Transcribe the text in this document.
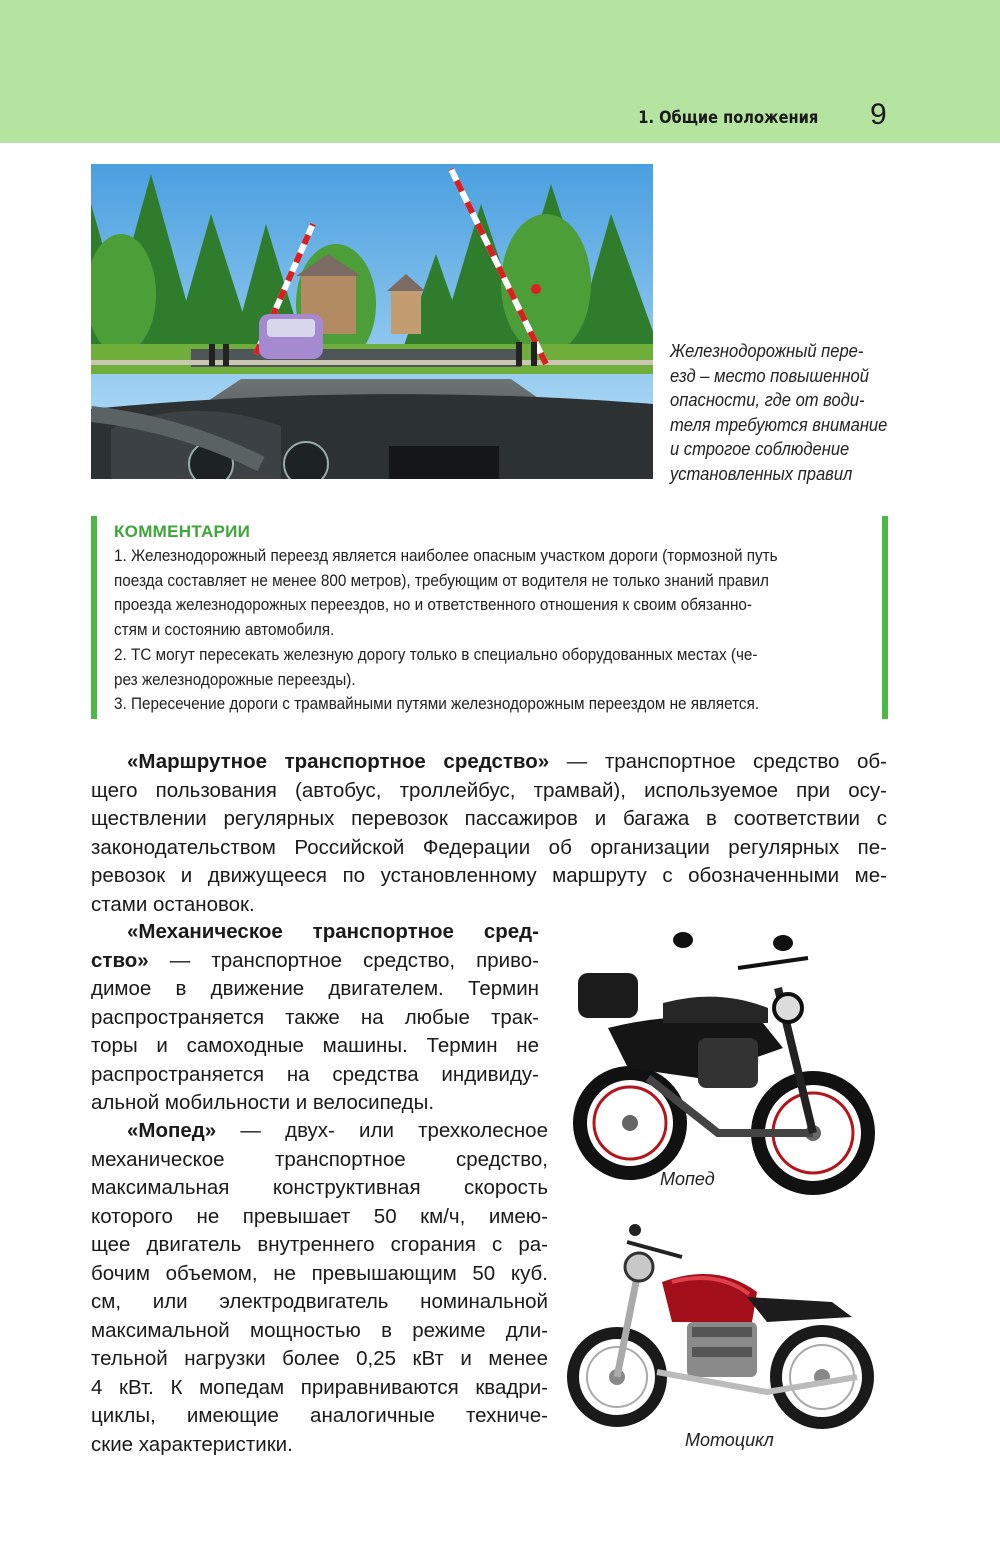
1. Общие положения 9
Железнодорожный пере-
езд – место повышенной
опасности, где от води-
теля требуются внимание
и строгое соблюдение
установленных правил
КОММЕНТАРИИ

1. Железнодорожный переезд является наиболее опасным участком дороги (тормозной путь

поезда составляет не менее 800 метров), требующим от водителя не только знаний правил

проезда железнодорожных переездов, но и ответственного отношения к своим обязанно-

стям и состоянию автомобиля.

2. ТС могут пересекать железную дорогу только в специально оборудованных местах (че-

рез железнодорожные переезды).

3. Пересечение дороги с трамвайными путями железнодорожным переездом не является.

«Маршрутное транспортное средство» — транспортное средство об-
щего пользования (автобус, троллейбус, трамвай), используемое при осу-
ществлении регулярных перевозок пассажиров и багажа в соответствии с
законодательством Российской Федерации об организации регулярных пе-
ревозок и движущееся по установленному маршруту с обозначенными ме-
стами остановок.
«Механическое транспортное сред-
ство» — транспортное средство, приво-
димое в движение двигателем. Термин
распространяется также на любые трак-
торы и самоходные машины. Термин не
распространяется на средства индивиду-
альной мобильности и велосипеды.
«Мопед» — двух- или трехколесное
механическое транспортное средство,
максимальная конструктивная скорость
которого не превышает 50 км/ч, имею-
щее двигатель внутреннего сгорания с ра-
бочим объемом, не превышающим 50 куб.
см, или электродвигатель номинальной
максимальной мощностью в режиме дли-
тельной нагрузки более 0,25 кВт и менее
4 кВт. К мопедам приравниваются квадри-
циклы, имеющие аналогичные техниче-
ские характеристики.
Мопед
Мотоцикл
